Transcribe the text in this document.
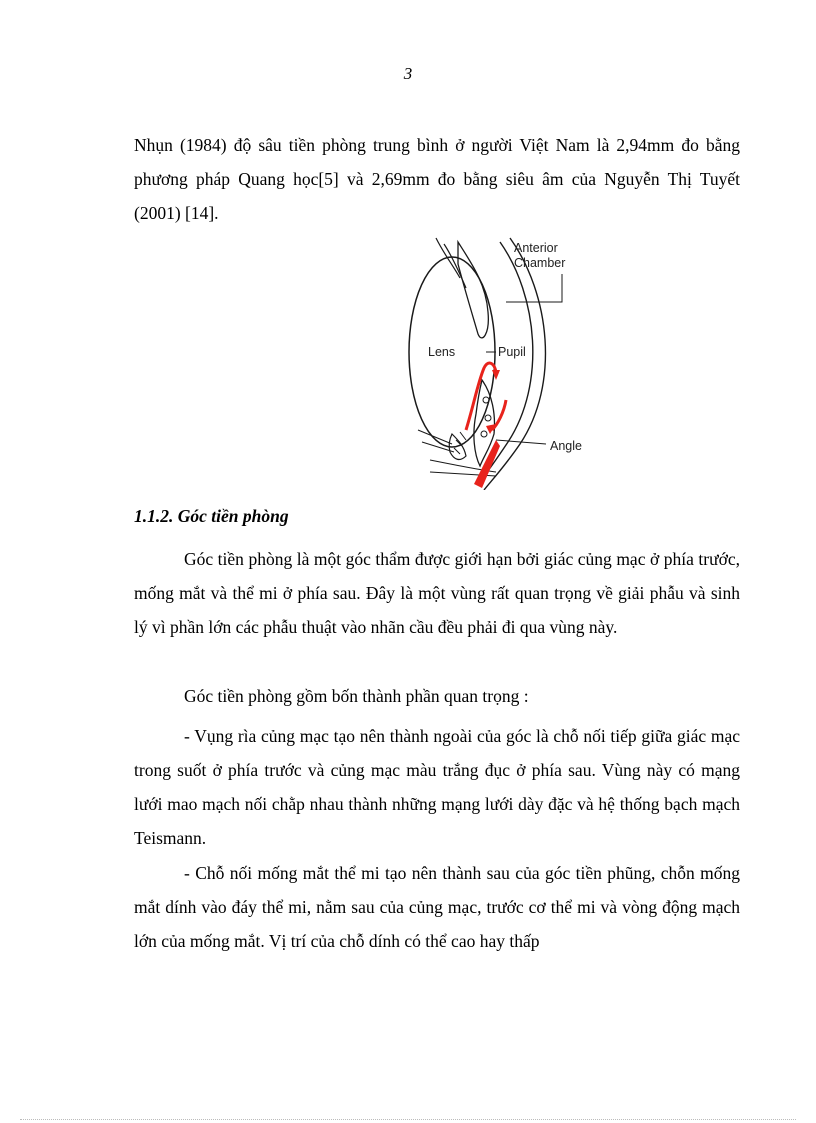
3

Nhụn (1984) độ sâu tiền phòng trung bình ở người Việt Nam là 2,94mm đo bằng phương pháp Quang học[5] và 2,69mm đo bằng siêu âm của Nguyễn Thị Tuyết (2001) [14].

Anterior
Chamber
Lens	Pupil
Angle
1.1.2. Góc tiền phòng

Góc tiền phòng là một góc thẩm được giới hạn bởi giác củng mạc ở phía trước, mống mắt và thể mi ở phía sau. Đây là một vùng rất quan trọng về giải phẫu và sinh lý vì phần lớn các phẫu thuật vào nhãn cầu đều phải đi qua vùng này.

Góc tiền phòng gồm bốn thành phần quan trọng :

- Vụng rìa củng mạc tạo nên thành ngoài của góc là chỗ nối tiếp giữa giác mạc trong suốt ở phía trước và củng mạc màu trắng đục ở phía sau. Vùng này có mạng lưới mao mạch nối chằp nhau thành những mạng lưới dày đặc và hệ thống bạch mạch Teismann.

- Chỗ nối mống mắt thể mi tạo nên thành sau của góc tiền phũng, chỗn mống mắt dính vào đáy thể mi, nằm sau của củng mạc, trước cơ thể mi và vòng động mạch lớn của mống mắt. Vị trí của chỗ dính có thể cao hay thấp
